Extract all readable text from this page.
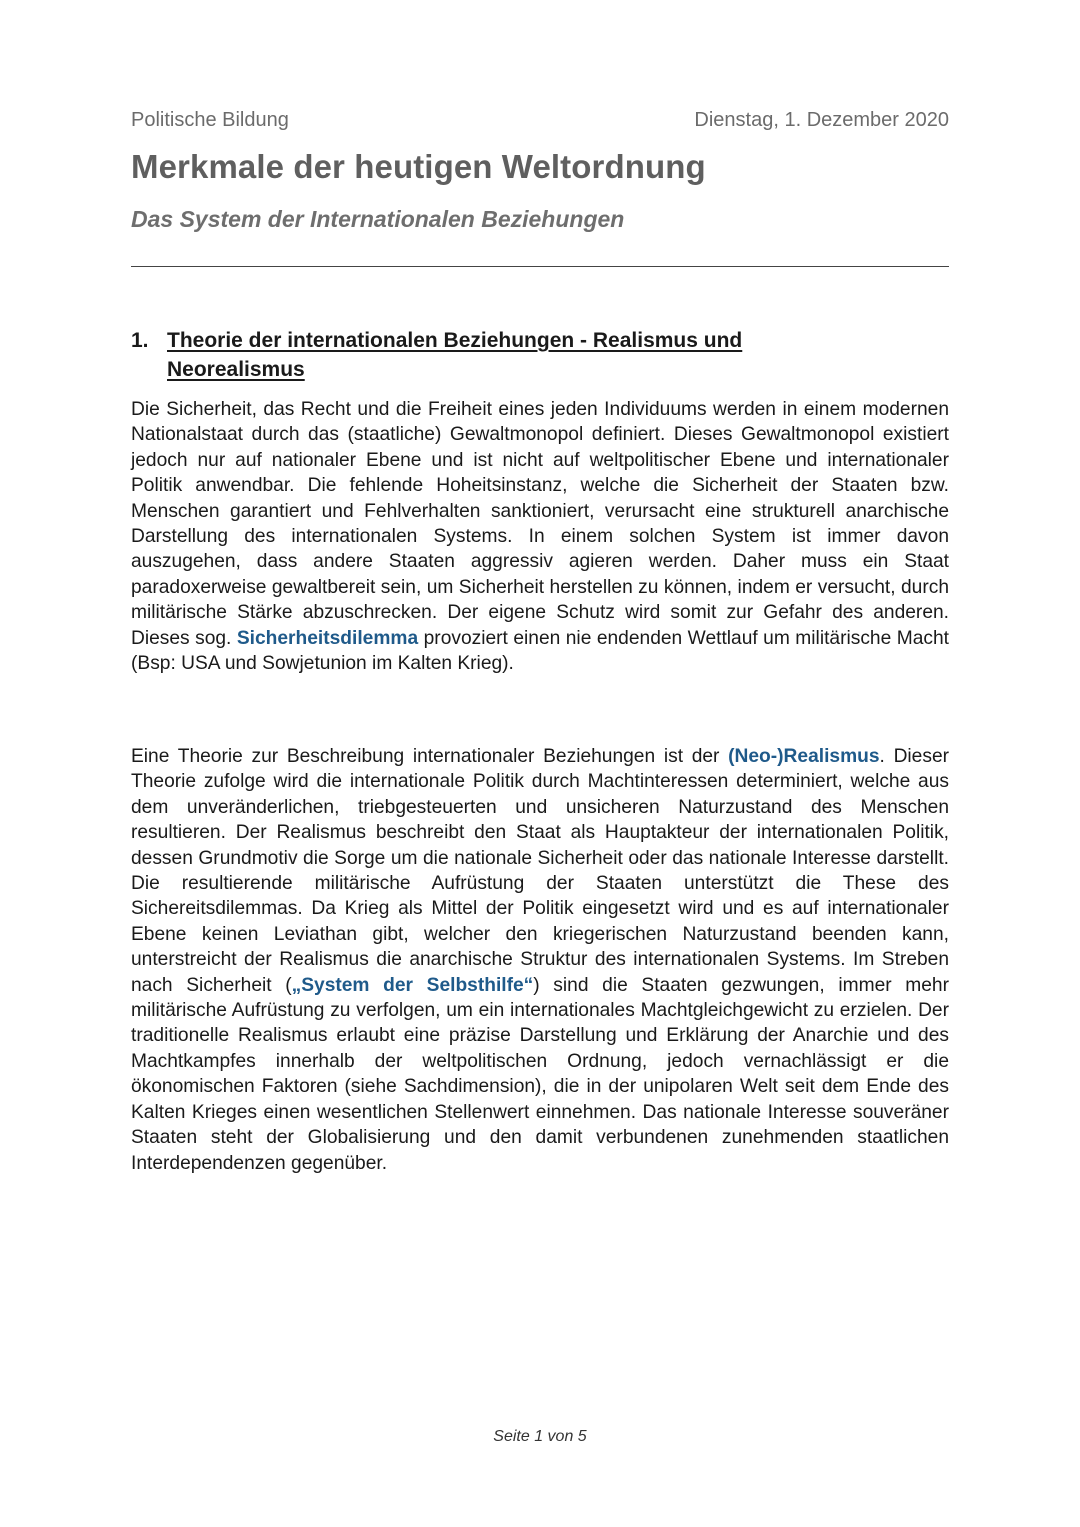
Politische Bildung	Dienstag, 1. Dezember 2020
Merkmale der heutigen Weltordnung
Das System der Internationalen Beziehungen
1. Theorie der internationalen Beziehungen - Realismus und Neorealismus

Die Sicherheit, das Recht und die Freiheit eines jeden Individuums werden in einem modernen Nationalstaat durch das (staatliche) Gewaltmonopol definiert. Dieses Gewaltmonopol existiert jedoch nur auf nationaler Ebene und ist nicht auf weltpolitischer Ebene und internationaler Politik anwendbar. Die fehlende Hoheitsinstanz, welche die Sicherheit der Staaten bzw. Menschen garantiert und Fehlverhalten sanktioniert, verursacht eine strukturell anarchische Darstellung des internationalen Systems. In einem solchen System ist immer davon auszugehen, dass andere Staaten aggressiv agieren werden. Daher muss ein Staat paradoxerweise gewaltbereit sein, um Sicherheit herstellen zu können, indem er versucht, durch militärische Stärke abzuschrecken. Der eigene Schutz wird somit zur Gefahr des anderen. Dieses sog. Sicherheitsdilemma provoziert einen nie endenden Wettlauf um militärische Macht (Bsp: USA und Sowjetunion im Kalten Krieg).

Eine Theorie zur Beschreibung internationaler Beziehungen ist der (Neo-)Realismus. Dieser Theorie zufolge wird die internationale Politik durch Machtinteressen determiniert, welche aus dem unveränderlichen, triebgesteuerten und unsicheren Naturzustand des Menschen resultieren. Der Realismus beschreibt den Staat als Hauptakteur der internationalen Politik, dessen Grundmotiv die Sorge um die nationale Sicherheit oder das nationale Interesse darstellt. Die resultierende militärische Aufrüstung der Staaten unterstützt die These des Sichereitsdilemmas. Da Krieg als Mittel der Politik eingesetzt wird und es auf internationaler Ebene keinen Leviathan gibt, welcher den kriegerischen Naturzustand beenden kann, unterstreicht der Realismus die anarchische Struktur des internationalen Systems. Im Streben nach Sicherheit („System der Selbsthilfe“) sind die Staaten gezwungen, immer mehr militärische Aufrüstung zu verfolgen, um ein internationales Machtgleichgewicht zu erzielen. Der traditionelle Realismus erlaubt eine präzise Darstellung und Erklärung der Anarchie und des Machtkampfes innerhalb der weltpolitischen Ordnung, jedoch vernachlässigt er die ökonomischen Faktoren (siehe Sachdimension), die in der unipolaren Welt seit dem Ende des Kalten Krieges einen wesentlichen Stellenwert einnehmen. Das nationale Interesse souveräner Staaten steht der Globalisierung und den damit verbundenen zunehmenden staatlichen Interdependenzen gegenüber.

Seite 1 von 5
